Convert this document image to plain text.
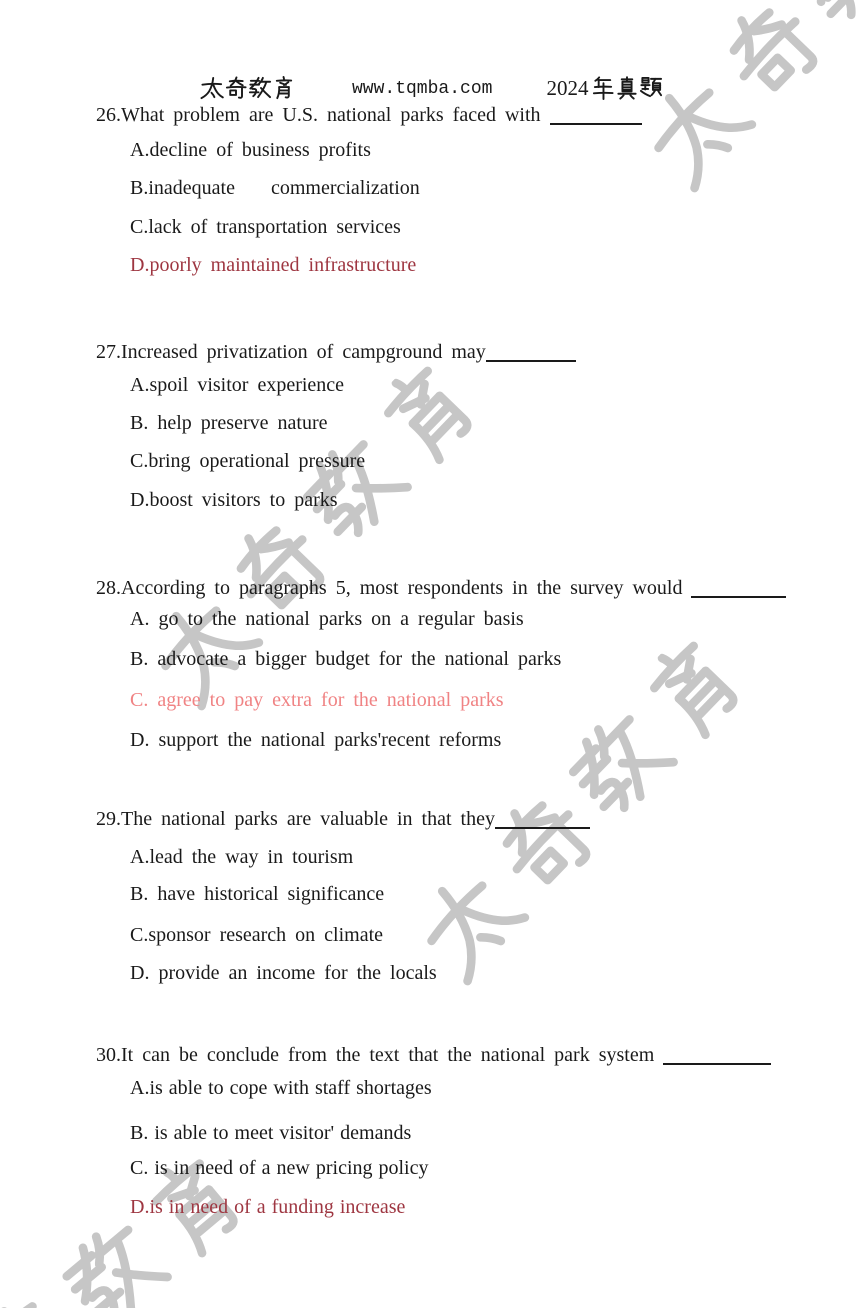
www.tqmba.com	2024
26.What problem are U.S. national parks faced with
A.decline of business profits
B.inadequate    commercialization
C.lack of transportation services
D.poorly maintained infrastructure
27.Increased privatization of campground may
A.spoil visitor experience
B. help preserve nature
C.bring operational pressure
D.boost visitors to parks
28.According to paragraphs 5, most respondents in the survey would
A. go to the national parks on a regular basis
B. advocate a bigger budget for the national parks
C. agree to pay extra for the national parks
D. support the national parks'recent reforms
29.The national parks are valuable in that they
A.lead the way in tourism
B. have historical significance
C.sponsor research on climate
D. provide an income for the locals
30.It can be conclude from the text that the national park system
A.is able to cope with staff shortages
B. is able to meet visitor' demands
C. is in need of a new pricing policy
D.is in need of a funding increase
